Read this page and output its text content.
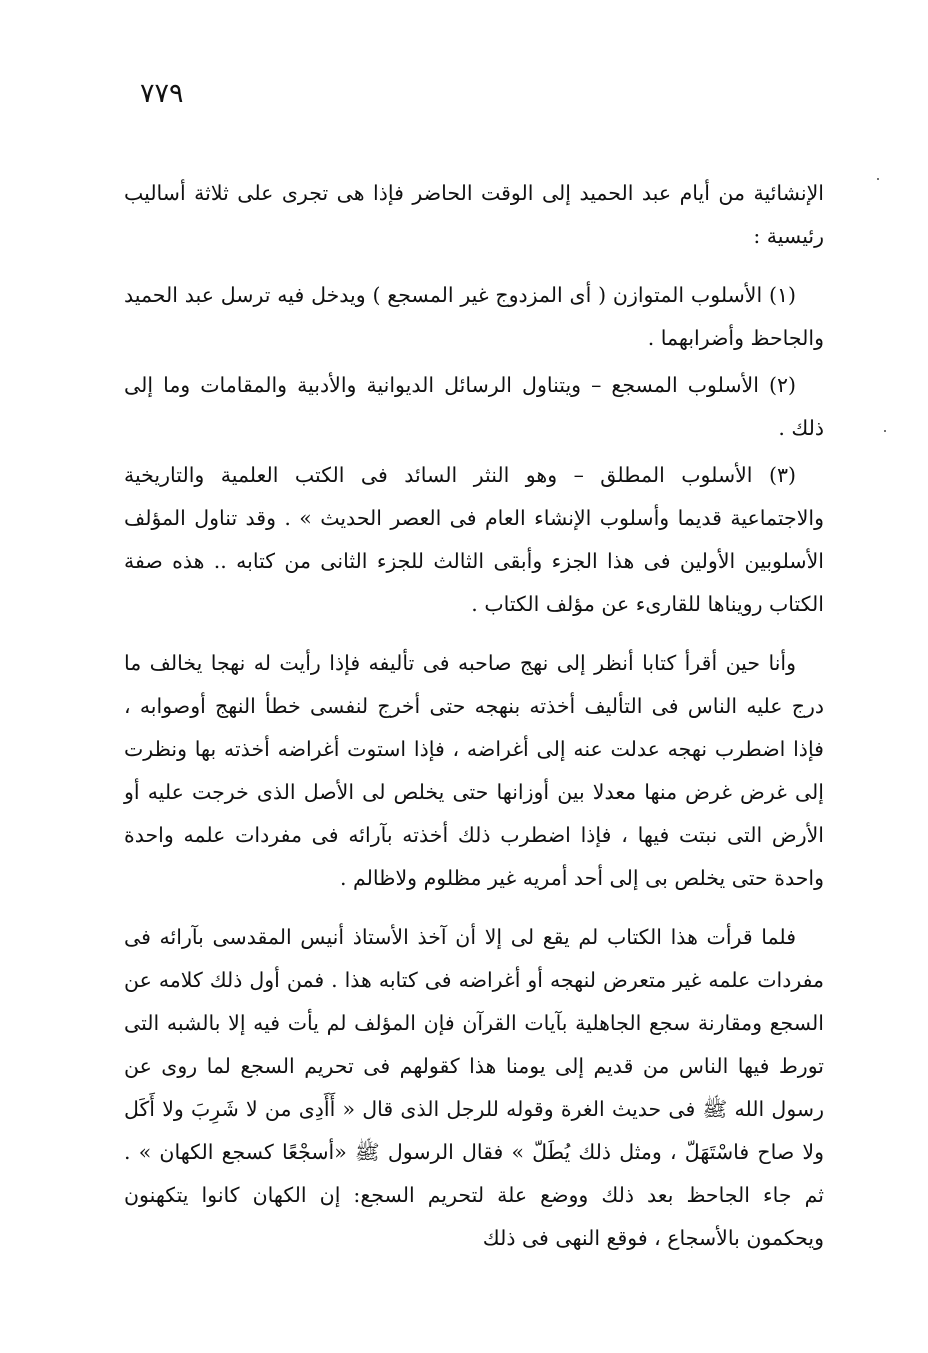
٧٧٩

الإنشائية من أيام عبد الحميد إلى الوقت الحاضر فإذا هى تجرى على ثلاثة أساليب رئيسية :

(١) الأسلوب المتوازن ( أى المزدوج غير المسجع ) ويدخل فيه ترسل عبد الحميد والجاحظ وأضرابهما .

(٢) الأسلوب المسجع – ويتناول الرسائل الديوانية والأدبية والمقامات وما إلى ذلك .

(٣) الأسلوب المطلق – وهو النثر السائد فى الكتب العلمية والتاريخية والاجتماعية قديما وأسلوب الإنشاء العام فى العصر الحديث » . وقد تناول المؤلف الأسلوبين الأولين فى هذا الجزء وأبقى الثالث للجزء الثانى من كتابه .. هذه صفة الكتاب رويناها للقارىء عن مؤلف الكتاب .

وأنا حين أقرأ كتابا أنظر إلى نهج صاحبه فى تأليفه فإذا رأيت له نهجا يخالف ما درج عليه الناس فى التأليف أخذته بنهجه حتى أخرج لنفسى خطأ النهج أوصوابه ، فإذا اضطرب نهجه عدلت عنه إلى أغراضه ، فإذا استوت أغراضه أخذته بها ونظرت إلى غرض غرض منها معدلا بين أوزانها حتى يخلص لى الأصل الذى خرجت عليه أو الأرض التى نبتت فيها ، فإذا اضطرب ذلك أخذته بآرائه فى مفردات علمه واحدة واحدة حتى يخلص بى إلى أحد أمريه غير مظلوم ولاظالم .

فلما قرأت هذا الكتاب لم يقع لى إلا أن آخذ الأستاذ أنيس المقدسى بآرائه فى مفردات علمه غير متعرض لنهجه أو أغراضه فى كتابه هذا . فمن أول ذلك كلامه عن السجع ومقارنة سجع الجاهلية بآيات القرآن فإن المؤلف لم يأت فيه إلا بالشبه التى تورط فيها الناس من قديم إلى يومنا هذا كقولهم فى تحريم السجع لما روى عن رسول الله ﷺ فى حديث الغرة وقوله للرجل الذى قال « أَأَدِى من لا شَرِبَ ولا أَكَل ولا صاح فاسْتَهَلّ ، ومثل ذلك يُطَلّ » فقال الرسول ﷺ «أسجْعًا كسجع الكهان » . ثم جاء الجاحظ بعد ذلك ووضع علة لتحريم السجع: إن الكهان كانوا يتكهنون ويحكمون بالأسجاع ، فوقع النهى فى ذلك
